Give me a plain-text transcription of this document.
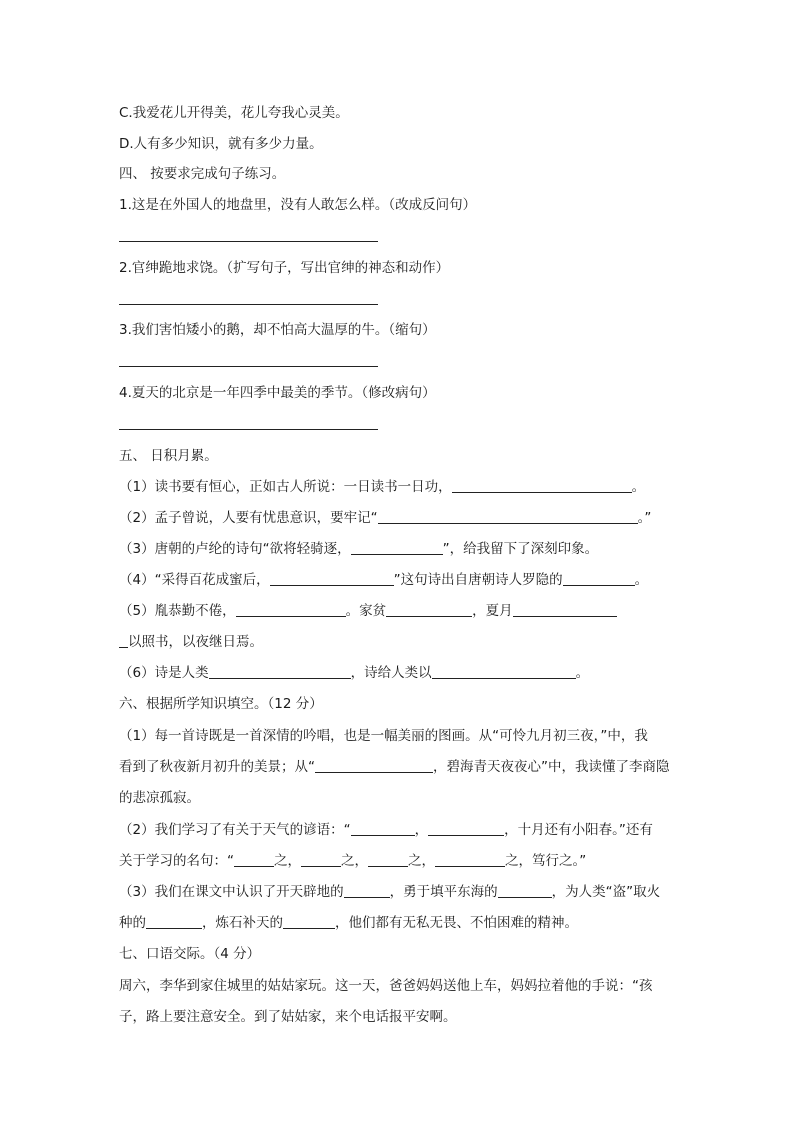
C.我爱花儿开得美，花儿夸我心灵美。
D.人有多少知识，就有多少力量。
四、 按要求完成句子练习。
1.这是在外国人的地盘里，没有人敢怎么样。（改成反问句）
2.官绅跪地求饶。（扩写句子，写出官绅的神态和动作）
3.我们害怕矮小的鹅，却不怕高大温厚的牛。（缩句）
4.夏天的北京是一年四季中最美的季节。（修改病句）
五、 日积月累。
（1）读书要有恒心，正如古人所说：一日读书一日功，	。
（2）孟子曾说，人要有忧患意识，要牢记“	。”
（3）唐朝的卢纶的诗句“欲将轻骑逐，	”，给我留下了深刻印象。
（4）“采得百花成蜜后，	”这句诗出自唐朝诗人罗隐的	。
（5）胤恭勤不倦，	。家贫	，夏月
以照书，以夜继日焉。
（6）诗是人类	，诗给人类以	。
六、根据所学知识填空。（12 分）
（1）每一首诗既是一首深情的吟唱，也是一幅美丽的图画。从“可怜九月初三夜，”中，我
看到了秋夜新月初升的美景；从“	，碧海青天夜夜心”中，我读懂了李商隐
的悲凉孤寂。
（2）我们学习了有关于天气的谚语：“	，	，十月还有小阳春。”还有
关于学习的名句：“	之，	之，	之，	之，笃行之。”
（3）我们在课文中认识了开天辟地的	，勇于填平东海的	，为人类“盗”取火
种的	，炼石补天的	，他们都有无私无畏、不怕困难的精神。
七、口语交际。（4 分）
周六，李华到家住城里的姑姑家玩。这一天，爸爸妈妈送他上车，妈妈拉着他的手说：“孩
子，路上要注意安全。到了姑姑家，来个电话报平安啊。
